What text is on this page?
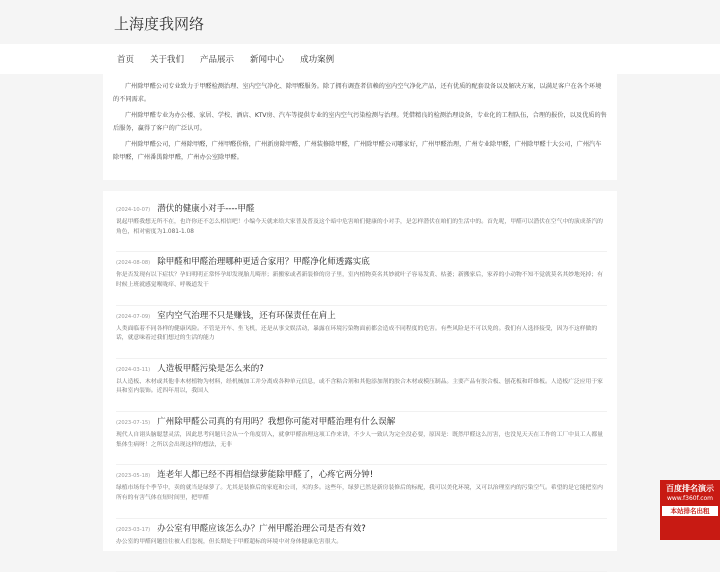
上海度我网络
首页 关于我们 产品展示 新闻中心 成功案例

广州除甲醛公司专业致力于甲醛检测治理、室内空气净化、除甲醛服务。除了拥有调查者信赖的室内空气净化产品，还有优质的配套设备以及解决方案，以满足客户在各个环境的不同需求。

广州除甲醛专业为办公楼、家居、学校、酒店、KTV房、汽车等提供专业的室内空气污染检测与治理。凭借精良的检测治理设备，专业化的工程队伍，合理的报价，以及优质的售后服务，赢得了客户的广泛认可。

广州除甲醛公司，广州除甲醛，广州甲醛价格，广州新房除甲醛，广州装修除甲醛，广州除甲醛公司哪家好，广州甲醛治理，广州专业除甲醛，广州除甲醛十大公司，广州汽车除甲醛，广州番禺除甲醛，广州办公室除甲醛。

(2024-10-07) 潜伏的健康小对手----甲醛
说起甲醛我想无所不在，也许你还不怎么相信吧！小编今天就来给大家普及普及这个暗中危害咱们健康的小对手，是怎样潜伏在咱们的生活中的。首先呢，甲醛可以潜伏在空气中的演成荼汽的角色，相对密度为1.081-1.08
(2024-08-08) 除甲醛和甲醛治理哪种更适合家用？甲醛净化师透露实底
你是否发现有以下症状？孕妇明明正常怀孕却发现胎儿畸形；新搬家或者新装修的房子里，室内植物莫名其妙就叶子容易发黄、枯萎；新搬家后，家养的小动物不知不觉就莫名其妙地死掉；有时候上班就感觉喉咙痒、呼吸道发干
(2024-07-09) 室内空气治理不只是赚钱，还有环保责任在肩上
人类面临着不同各样的健康风险。不管是开车、坐飞机，还是从事文娱活动，暴露在环境污染物面前都会造成不同程度的危害。有些风险是不可以免的。我们有人选择接受，因为不这样做的话，就意味着过我们想过的生活的能力
(2024-03-11) 人造板甲醛污染是怎么来的?
以人造板、木材或其他非木材植物为材料，经机械加工并分离成各种单元信息，或不含粘合剂和其他添加剂的胶合木材或模压制品。主要产品有胶合板、刨花板和纤维板。人造板广泛应用于家具和室内装饰。近四年用以，我国人
(2023-07-15) 广州除甲醛公司真的有用吗？我想你可能对甲醛治理有什么误解
现代人自诩头脑聪慧灵活，因此思考问题只会从一个角度切入，就拿甲醛治理这项工作来讲，不少人一致认为完全没必要，原因是：既然甲醛这么厉害，也没见天天在工作的工厂中员工人都量集体生病呀！之所以会出现这样的想法，无非
(2023-05-18) 连老年人都已经不再相信绿萝能除甲醛了，心疼它两分钟!
绿植市场每个季节中，卖的就当是绿萝了。尤其是装修后的家庭和公司，买的多。这些年，绿萝已然是新房装修后的标配，我可以美化环境，又可以治理室内的污染空气。希望的是它能把室内所有的有害气体在短时间里，把甲醛
(2023-03-17) 办公室有甲醛应该怎么办？广州甲醛治理公司是否有效?
办公室的甲醛问题往往被人们忽视，但长期处于甲醛超标的环境中对身体健康危害很大。
百度排名演示
www.f360f.com
本站排名出租
